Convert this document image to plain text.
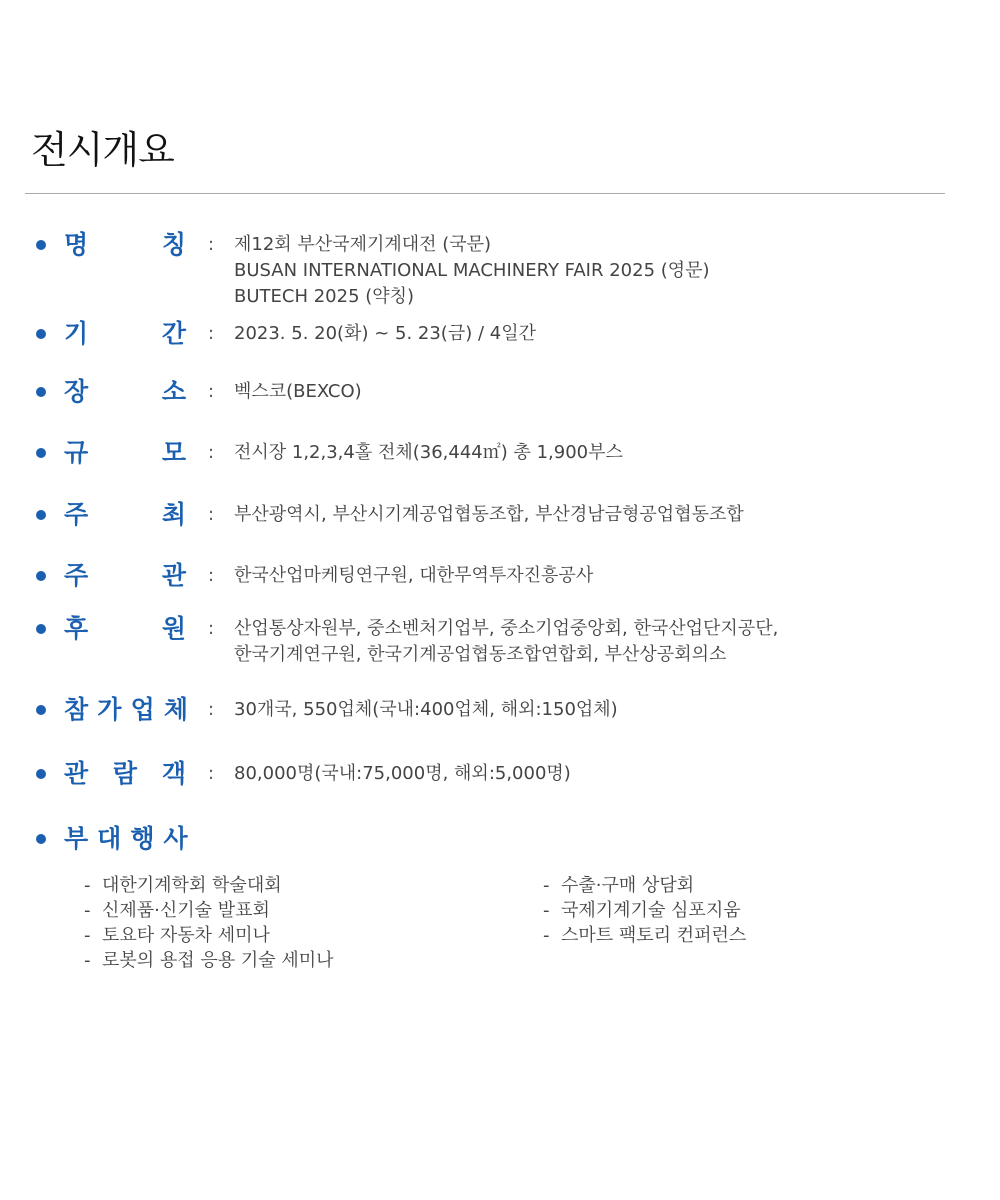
전시개요
명	칭 : 제12회 부산국제기계대전 (국문)
BUSAN INTERNATIONAL MACHINERY FAIR 2025 (영문)
BUTECH 2025 (약칭)
기	간 : 2023. 5. 20(화) ~ 5. 23(금) / 4일간
장	소 : 벡스코(BEXCO)
규	모 : 전시장 1,2,3,4홀 전체(36,444㎡) 총 1,900부스
주	최 : 부산광역시, 부산시기계공업협동조합, 부산경남금형공업협동조합
주	관 : 한국산업마케팅연구원, 대한무역투자진흥공사
후	원 : 산업통상자원부, 중소벤처기업부, 중소기업중앙회, 한국산업단지공단,
한국기계연구원, 한국기계공업협동조합연합회, 부산상공회의소
참 가 업 체 : 30개국, 550업체(국내:400업체, 해외:150업체)
관 람 객 : 80,000명(국내:75,000명, 해외:5,000명)
부 대 행 사
- 대한기계학회 학술대회
- 신제품·신기술 발표회
- 토요타 자동차 세미나
- 로봇의 용접 응용 기술 세미나
- 수출·구매 상담회
- 국제기계기술 심포지움
- 스마트 팩토리 컨퍼런스
